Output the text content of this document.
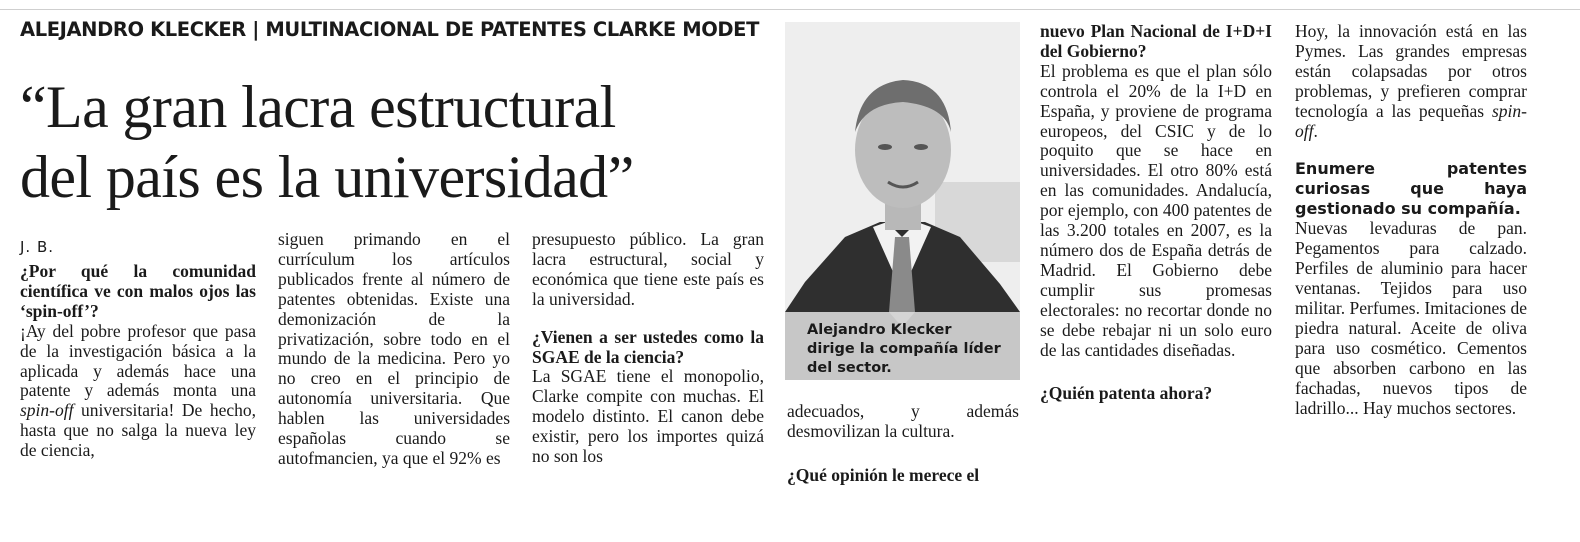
ALEJANDRO KLECKER | MULTINACIONAL DE PATENTES CLARKE MODET
“La gran lacra estructural
del país es la universidad”
J. B.

¿Por qué la comunidad científica ve con malos ojos las ‘spin-off’?

¡Ay del pobre profesor que pasa de la investigación básica a la aplicada y además hace una patente y además monta una spin-off universitaria! De hecho, hasta que no salga la nueva ley de ciencia,

siguen primando en el currículum los artículos publicados frente al número de patentes obtenidas. Existe una demonización de la privatización, sobre todo en el mundo de la medicina. Pero yo no creo en el principio de autonomía universitaria. Que hablen las universidades españolas cuando se autofmancien, ya que el 92% es

presupuesto público. La gran lacra estructural, social y económica que tiene este país es la universidad.

¿Vienen a ser ustedes como la SGAE de la ciencia?

La SGAE tiene el monopolio, Clarke compite con muchas. El modelo distinto. El canon debe existir, pero los importes quizá no son los

Alejandro Klecker dirige la compañía líder del sector.

adecuados, y además desmovilizan la cultura.

¿Qué opinión le merece el

nuevo Plan Nacional de I+D+I del Gobierno?

El problema es que el plan sólo controla el 20% de la I+D en España, y proviene de programa europeos, del CSIC y de lo poquito que se hace en universidades. El otro 80% está en las comunidades. Andalucía, por ejemplo, con 400 patentes de las 3.200 totales en 2007, es la número dos de España detrás de Madrid. El Gobierno debe cumplir sus promesas electorales: no recortar donde no se debe rebajar ni un solo euro de las cantidades diseñadas.

¿Quién patenta ahora?

Hoy, la innovación está en las Pymes. Las grandes empresas están colapsadas por otros problemas, y prefieren comprar tecnología a las pequeñas spin-off.

Enumere patentes curiosas que haya gestionado su compañía.

Nuevas levaduras de pan. Pegamentos para calzado. Perfiles de aluminio para hacer ventanas. Tejidos para uso militar. Perfumes. Imitaciones de piedra natural. Aceite de oliva para uso cosmético. Cementos que absorben carbono en las fachadas, nuevos tipos de ladrillo... Hay muchos sectores.
